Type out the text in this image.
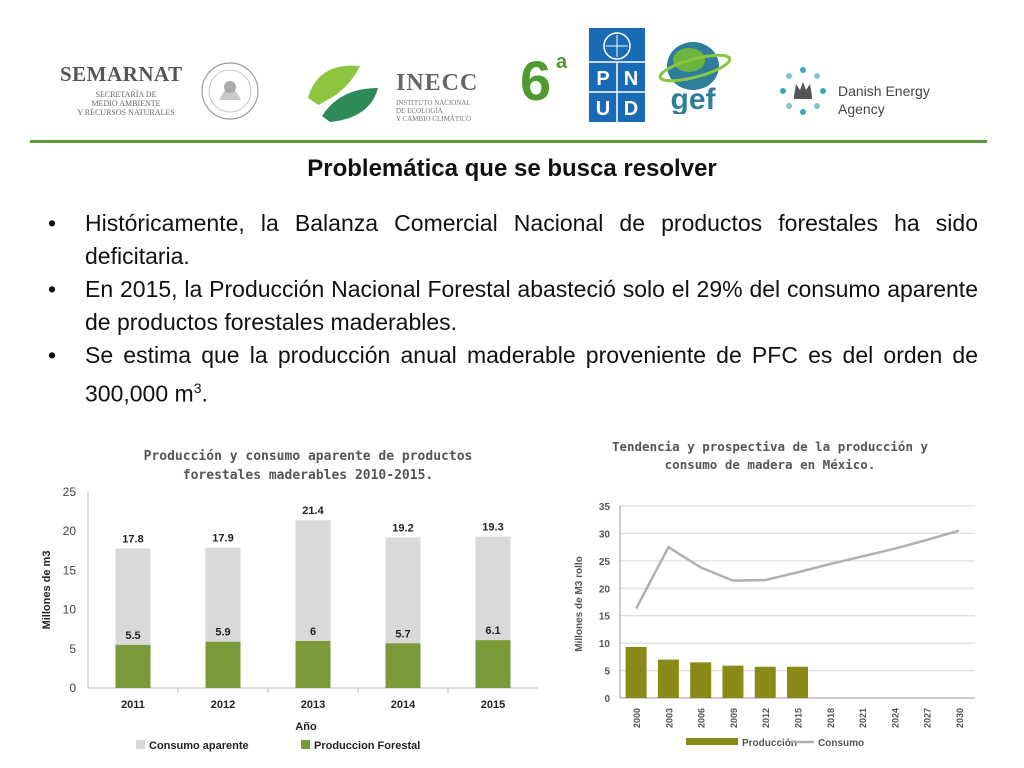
SEMARNAT
SECRETARÍA DE
MEDIO AMBIENTE
Y RECURSOS NATURALES
INECC
INSTITUTO NACIONAL
DE ECOLOGÍA
Y CAMBIO CLIMÁTICO
6 a
P N
U D gef	Danish Energy
Agency
Problemática que se busca resolver
• Históricamente, la Balanza Comercial Nacional de productos forestales ha sido deficitaria.
• En 2015, la Producción Nacional Forestal abasteció solo el 29% del consumo aparente de productos forestales maderables.
• Se estima que la producción anual maderable proveniente de PFC es del orden de 300,000 $m^3$.
Producción y consumo aparente de productos
forestales maderables 2010-2015.
0
5
10
15
20
25
Millones de m3
17.8
5.5
2011
17.9
5.9
2012
21.4
6
2013
19.2
5.7
2014
19.3
6.1
2015
Año
Consumo aparente	Produccion Forestal
Tendencia y prospectiva de la producción y
consumo de madera en México.
0
5
10
15
20
25
30
35
Millones de M3 rollo
2000 2003 2006 2009 2012 2015 2018 2021 2024 2027 2030
Producción Consumo
